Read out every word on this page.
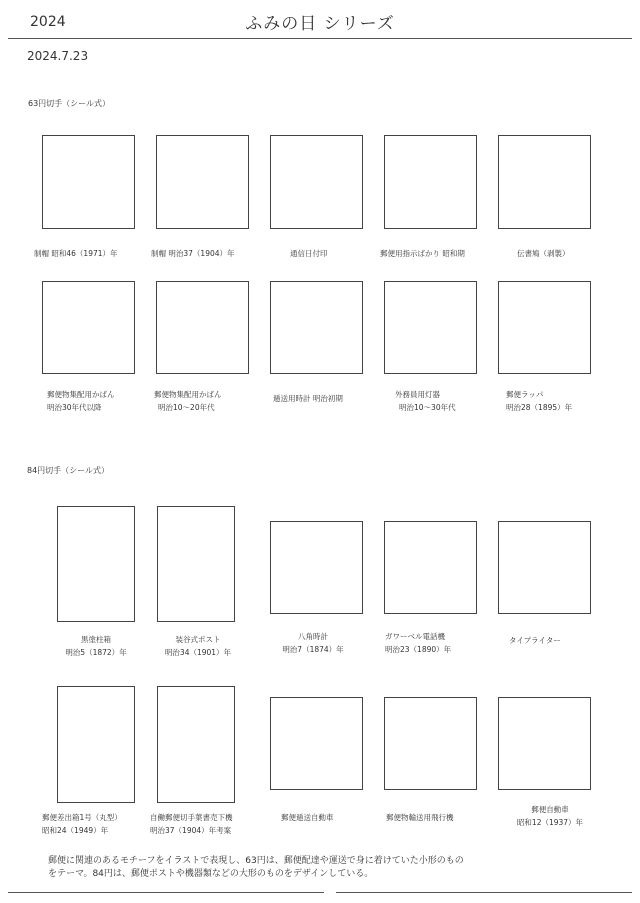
2024	ふみの日 シリーズ
2024.7.23
63円切手（シール式）
制帽 昭和46（1971）年	制帽 明治37（1904）年	通信日付印	郵便用指示ばかり 昭和期	伝書鳩（剥製）
郵便物集配用かばん
明治30年代以降
郵便物集配用かばん
明治10～20年代
逓送用時計 明治初期	外務員用灯器
明治10～30年代
郵便ラッパ
明治28（1895）年
84円切手（シール式）
黒塗柱箱
明治5（1872）年
装谷式ポスト
明治34（1901）年
八角時計
明治7（1874）年
ガワーベル電話機
明治23（1890）年
タイプライター
郵便差出箱1号（丸型）
昭和24（1949）年
自働郵便切手葉書売下機
明治37（1904）年考案
郵便逓送自動車	郵便物輸送用飛行機
郵便自動車
昭和12（1937）年
郵便に関連のあるモチーフをイラストで表現し、63円は、郵便配達や運送で身に着けていた小形のもの
をテーマ。84円は、郵便ポストや機器類などの大形のものをデザインしている。
